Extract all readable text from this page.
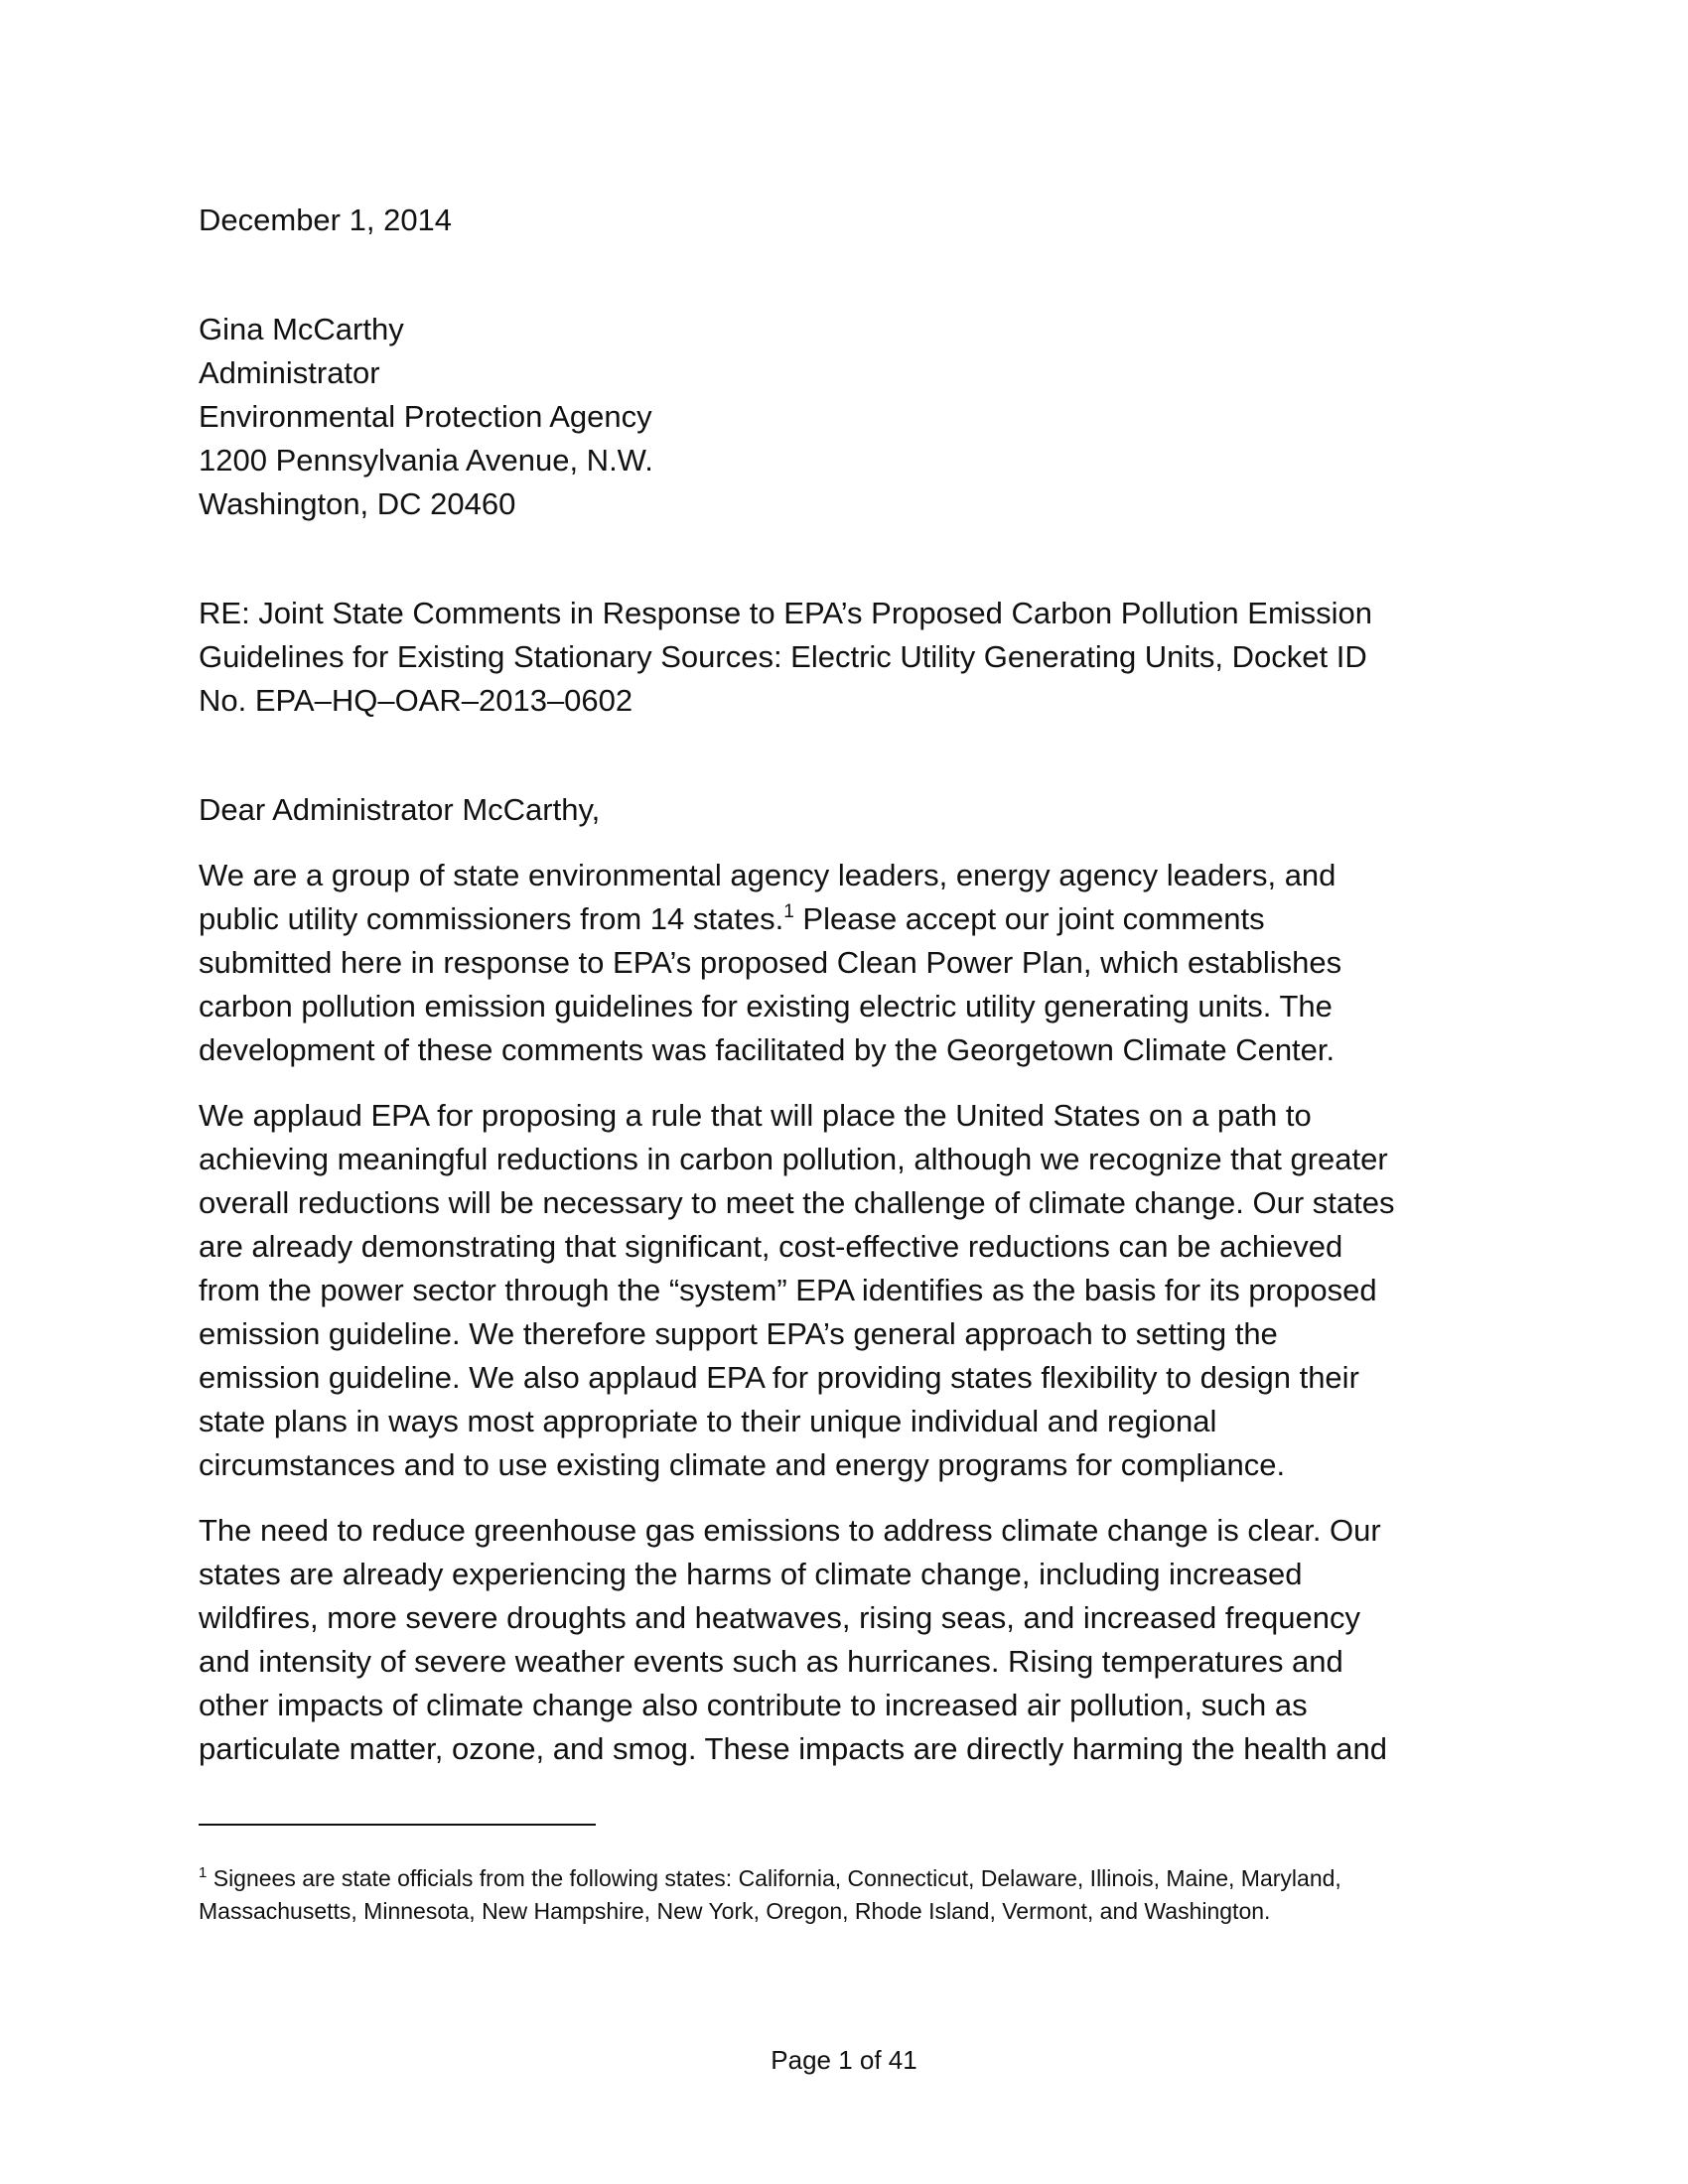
December 1, 2014
Gina McCarthy
Administrator
Environmental Protection Agency
1200 Pennsylvania Avenue, N.W.
Washington, DC 20460
RE: Joint State Comments in Response to EPA’s Proposed Carbon Pollution Emission
Guidelines for Existing Stationary Sources: Electric Utility Generating Units, Docket ID
No. EPA–HQ–OAR–2013–0602
Dear Administrator McCarthy,
We are a group of state environmental agency leaders, energy agency leaders, and
public utility commissioners from 14 states.$^1$ Please accept our joint comments
submitted here in response to EPA’s proposed Clean Power Plan, which establishes
carbon pollution emission guidelines for existing electric utility generating units. The
development of these comments was facilitated by the Georgetown Climate Center.
We applaud EPA for proposing a rule that will place the United States on a path to
achieving meaningful reductions in carbon pollution, although we recognize that greater
overall reductions will be necessary to meet the challenge of climate change. Our states
are already demonstrating that significant, cost-effective reductions can be achieved
from the power sector through the “system” EPA identifies as the basis for its proposed
emission guideline. We therefore support EPA’s general approach to setting the
emission guideline. We also applaud EPA for providing states flexibility to design their
state plans in ways most appropriate to their unique individual and regional
circumstances and to use existing climate and energy programs for compliance.
The need to reduce greenhouse gas emissions to address climate change is clear. Our
states are already experiencing the harms of climate change, including increased
wildfires, more severe droughts and heatwaves, rising seas, and increased frequency
and intensity of severe weather events such as hurricanes. Rising temperatures and
other impacts of climate change also contribute to increased air pollution, such as
particulate matter, ozone, and smog. These impacts are directly harming the health and
$^1$ Signees are state officials from the following states: California, Connecticut, Delaware, Illinois, Maine, Maryland,
Massachusetts, Minnesota, New Hampshire, New York, Oregon, Rhode Island, Vermont, and Washington.
Page 1 of 41
